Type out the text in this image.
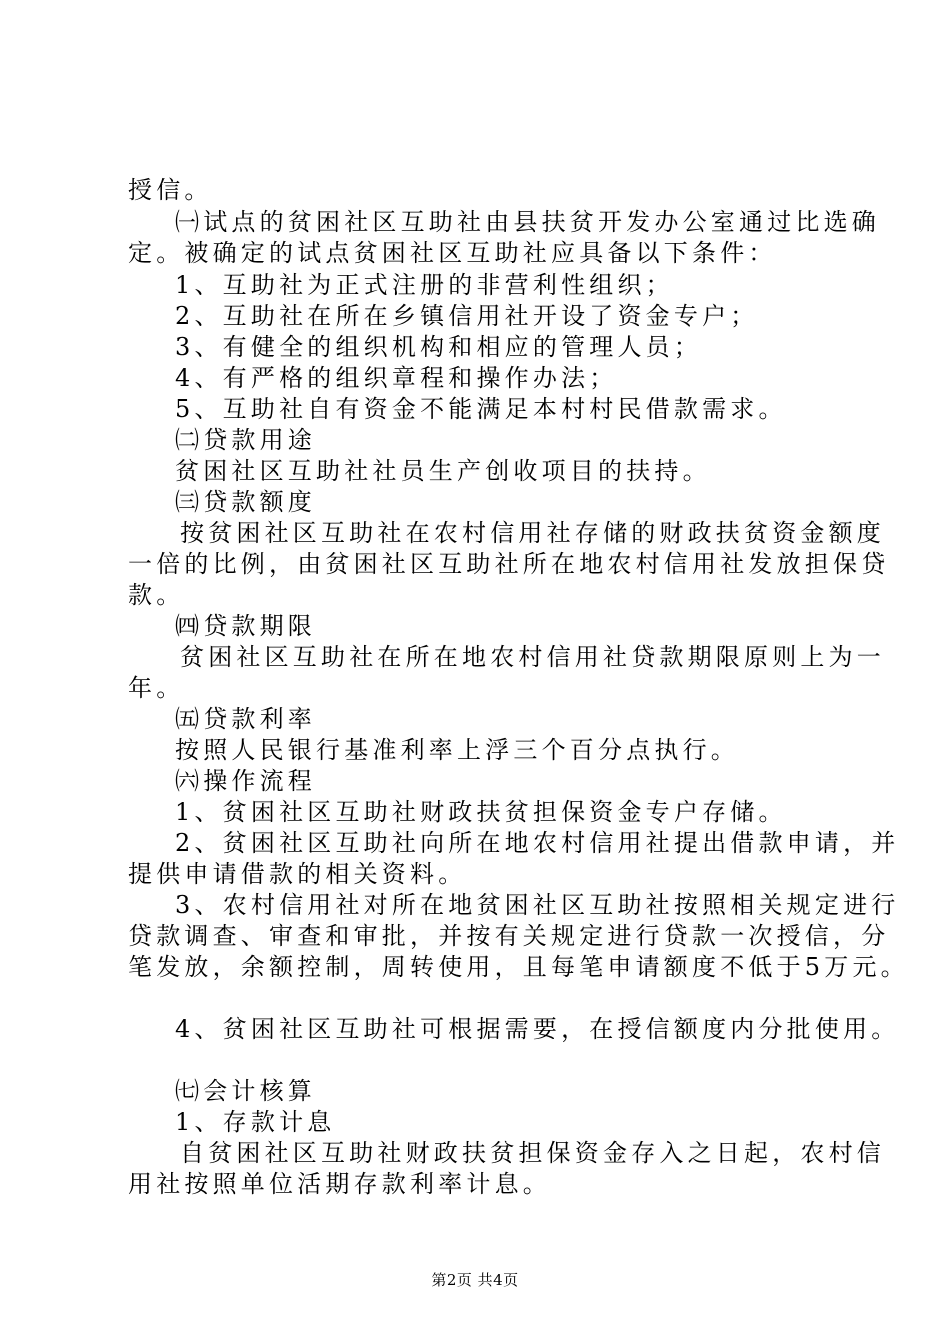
授信。
㈠试点的贫困社区互助社由县扶贫开发办公室通过比选确
定。被确定的试点贫困社区互助社应具备以下条件：
1、互助社为正式注册的非营利性组织；
2、互助社在所在乡镇信用社开设了资金专户；
3、有健全的组织机构和相应的管理人员；
4、有严格的组织章程和操作办法；
5、互助社自有资金不能满足本村村民借款需求。
㈡贷款用途
贫困社区互助社社员生产创收项目的扶持。
㈢贷款额度
按贫困社区互助社在农村信用社存储的财政扶贫资金额度
一倍的比例，由贫困社区互助社所在地农村信用社发放担保贷
款。
㈣贷款期限
贫困社区互助社在所在地农村信用社贷款期限原则上为一
年。
㈤贷款利率
按照人民银行基准利率上浮三个百分点执行。
㈥操作流程
1、贫困社区互助社财政扶贫担保资金专户存储。
2、贫困社区互助社向所在地农村信用社提出借款申请，并
提供申请借款的相关资料。
3、农村信用社对所在地贫困社区互助社按照相关规定进行
贷款调查、审查和审批，并按有关规定进行贷款一次授信，分
笔发放，余额控制，周转使用，且每笔申请额度不低于5万元。
4、贫困社区互助社可根据需要，在授信额度内分批使用。
㈦会计核算
1、存款计息
自贫困社区互助社财政扶贫担保资金存入之日起，农村信
用社按照单位活期存款利率计息。
第2页 共4页
